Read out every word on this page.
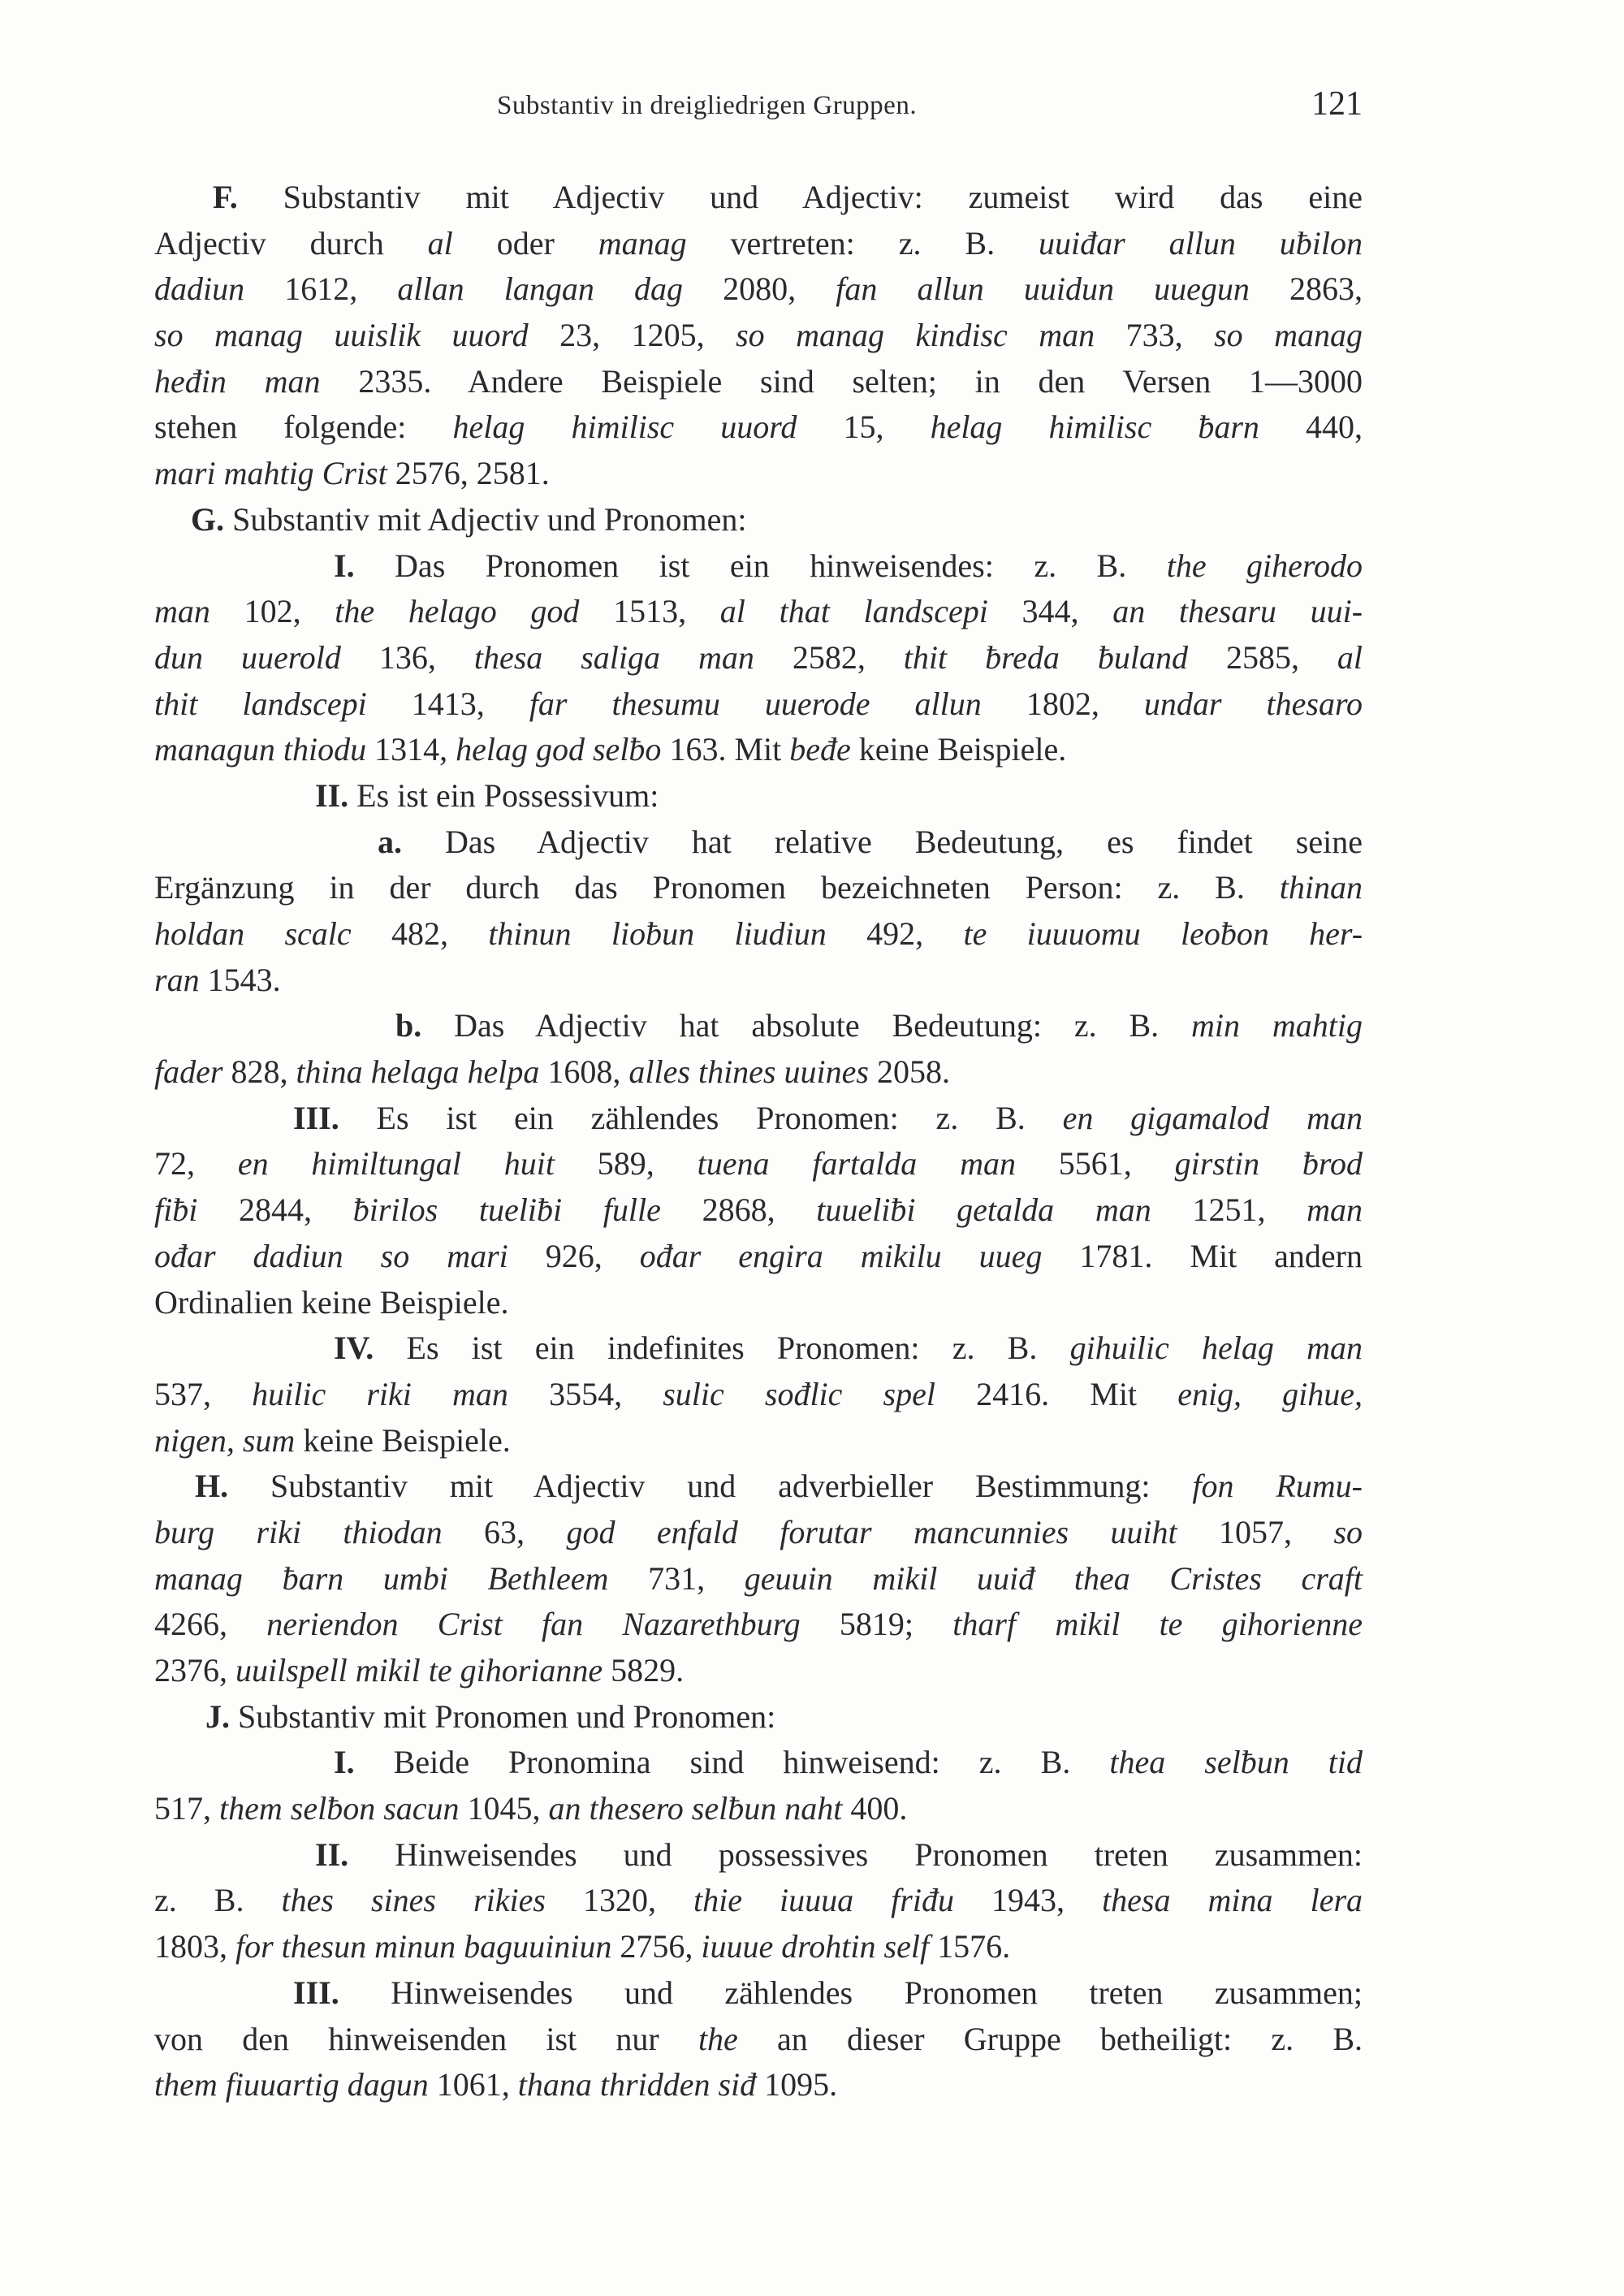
Substantiv in dreigliedrigen Gruppen.	121
F. Substantiv mit Adjectiv und Adjectiv: zumeist wird das eine
Adjectiv durch al oder manag vertreten: z. B. uuiđar allun uƀilon
dadiun 1612, allan langan dag 2080, fan allun uuidun uuegun 2863,
so manag uuislik uuord 23, 1205, so manag kindisc man 733, so manag
heđin man 2335. Andere Beispiele sind selten; in den Versen 1—3000
stehen folgende: helag himilisc uuord 15, helag himilisc ƀarn 440,
mari mahtig Crist 2576, 2581.
G. Substantiv mit Adjectiv und Pronomen:
I. Das Pronomen ist ein hinweisendes: z. B. the giherodo
man 102, the helago god 1513, al that landscepi 344, an thesaru uui-
dun uuerold 136, thesa saliga man 2582, thit ƀreda ƀuland 2585, al
thit landscepi 1413, far thesumu uuerode allun 1802, undar thesaro
managun thiodu 1314, helag god selƀo 163. Mit beđe keine Beispiele.
II. Es ist ein Possessivum:
a. Das Adjectiv hat relative Bedeutung, es findet seine
Ergänzung in der durch das Pronomen bezeichneten Person: z. B. thinan
holdan scalc 482, thinun lioƀun liudiun 492, te iuuuomu leoƀon her-
ran 1543.
b. Das Adjectiv hat absolute Bedeutung: z. B. min mahtig
fader 828, thina helaga helpa 1608, alles thines uuines 2058.
III. Es ist ein zählendes Pronomen: z. B. en gigamalod man
72, en himiltungal huit 589, tuena fartalda man 5561, girstin ƀrod
fiƀi 2844, ƀirilos tueliƀi fulle 2868, tuueliƀi getalda man 1251, man
ođar dadiun so mari 926, ođar engira mikilu uueg 1781. Mit andern
Ordinalien keine Beispiele.
IV. Es ist ein indefinites Pronomen: z. B. gihuilic helag man
537, huilic riki man 3554, sulic sođlic spel 2416. Mit enig, gihue,
nigen, sum keine Beispiele.
H. Substantiv mit Adjectiv und adverbieller Bestimmung: fon Rumu-
burg riki thiodan 63, god enfald forutar mancunnies uuiht 1057, so
manag ƀarn umbi Bethleem 731, geuuin mikil uuiđ thea Cristes craft
4266, neriendon Crist fan Nazarethburg 5819; tharf mikil te gihorienne
2376, uuilspell mikil te gihorianne 5829.
J. Substantiv mit Pronomen und Pronomen:
I. Beide Pronomina sind hinweisend: z. B. thea selƀun tid
517, them selƀon sacun 1045, an thesero selƀun naht 400.
II. Hinweisendes und possessives Pronomen treten zusammen:
z. B. thes sines rikies 1320, thie iuuua friđu 1943, thesa mina lera
1803, for thesun minun baguuiniun 2756, iuuue drohtin self 1576.
III. Hinweisendes und zählendes Pronomen treten zusammen;
von den hinweisenden ist nur the an dieser Gruppe betheiligt: z. B.
them fiuuartig dagun 1061, thana thridden siđ 1095.
